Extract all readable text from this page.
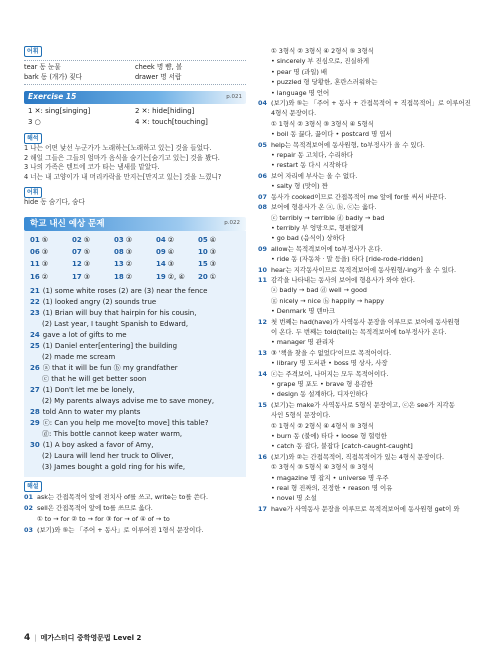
어휘
tear 동 눈물	cheek 명 뺨, 볼
bark 동 (개가) 짖다	drawer 명 서랍
Exercise 15	p.021
1 ✕: sing[singing]	2 ✕: hide[hiding]
3 ○	4 ✕: touch[touching]
해석
1 나는 어떤 낯선 누군가가 노래하는[노래하고 있는] 것을 들었다.
2 해일 그들은 그들의 엄마가 음식을 숨기는[숨기고 있는] 것을 봤다.
3 나의 가족은 텐트에 코가 타는 냄새를 맡았다.
4 너는 내 고양이가 내 머리카락을 만지는[만지고 있는] 것을 느꼈니?
어휘
hide 동 숨기다, 숨다
학교 내신 예상 문제	p.022
01 ⑤	02 ⑤	03 ③	04 ②	05 ④
06 ③	07 ⑤	08 ③	09 ④	10 ③
11 ③	12 ③	13 ②	14 ③	15 ③
16 ②	17 ③	18 ②	19 ②, ④	20 ①
21 (1) some white roses (2) are (3) near the fence
22 (1) looked angry (2) sounds true
23 (1) Brian will buy that hairpin for his cousin,
(2) Last year, I taught Spanish to Edward,
24 gave a lot of gifts to me
25 (1) Daniel enter[entering] the building
(2) made me scream
26 ⓐ that it will be fun ⓑ my grandfather
ⓒ that he will get better soon
27 (1) Don't let me be lonely,
(2) My parents always advise me to save money,
28 told Ann to water my plants
29 ⓒ: Can you help me move[to move] this table?
ⓓ: This bottle cannot keep water warm,
30 (1) A boy asked a favor of Amy,
(2) Laura will lend her truck to Oliver,
(3) James bought a gold ring for his wife,
해설
01 ask는 간접목적어 앞에 전치사 of를 쓰고, write는 to를 쓴다.
02 sell은 간접목적어 앞에 to를 쓰므로 옳다.
① to → for ② to → for ③ for → of ④ of → to
03 (보기)와 ⑤는 「주어 + 동사」로 이루어진 1형식 문장이다.
① 3형식 ② 3형식 ④ 2형식 ⑤ 3형식
• sincerely 부 진심으로, 진실하게
• pear 명 (과일) 배
• puzzled 형 당황한, 혼란스러워하는
• language 명 언어
04 (보기)와 ⑤는 「주어 + 동사 + 간접목적어 + 직접목적어」로 이루어진
4형식 문장이다.
① 1형식 ② 3형식 ③ 3형식 ④ 5형식
• boil 동 끓다, 끓이다 • postcard 명 엽서
05 help는 목적격보어에 동사원형, to부정사가 올 수 있다.
• repair 동 고치다, 수리하다
• restart 동 다시 시작하다
06 보어 자리에 부사는 올 수 없다.
• salty 형 (맛이) 짠
07 동사가 cooked이므로 간접목적어 me 앞에 for를 써서 바꾼다.
08 보어에 형용사가 온 ⓐ, ⓑ, ⓒ는 옳다.
ⓒ terribly → terrible ⓓ badly → bad
• terribly 부 엉망으로, 형편없게
• go bad (음식이) 상하다
09 allow는 목적격보어에 to부정사가 온다.
• ride 동 (자동차 · 말 등을) 타다 [ride-rode-ridden]
10 hear는 지각동사이므로 목적격보어에 동사원형/-ing가 올 수 있다.
11 감각을 나타내는 동사의 보어에 형용사가 와야 한다.
ⓐ badly → bad ⓓ well → good
ⓖ nicely → nice ⓗ happily → happy
• Denmark 명 덴마크
12 첫 번째는 had(have)가 사역동사 문장을 이루므로 보어에 동사원형
이 온다. 두 번째는 told(tell)는 목적격보어에 to부정사가 온다.
• manager 명 관리자
13 ③ '책을 찾을 수 없었다'이므로 목적어이다.
• library 명 도서관 • boss 명 상사, 사장
14 ⓒ는 주격보어, 나머지는 모두 목적어이다.
• grape 명 포도 • brave 형 용감한
• design 동 설계하다, 디자인하다
15 (보기)는 make가 사역동사로 5형식 문장이고, ⓒ은 see가 지각동
사인 5형식 문장이다.
① 1형식 ② 2형식 ④ 4형식 ⑤ 3형식
• burn 동 (불에) 타다 • loose 형 헐렁한
• catch 동 잡다, 붙잡다 [catch-caught-caught]
16 (보기)와 ②는 간접목적어, 직접목적어가 있는 4형식 문장이다.
① 3형식 ③ 5형식 ④ 3형식 ⑤ 3형식
• magazine 명 잡지 • universe 명 우주
• real 형 진짜의, 진정한 • reason 명 이유
• novel 명 소설
17 have가 사역동사 문장을 이루므로 목적격보어에 동사원형 get이 와
4 | 메가스터디 중학영문법 Level 2
